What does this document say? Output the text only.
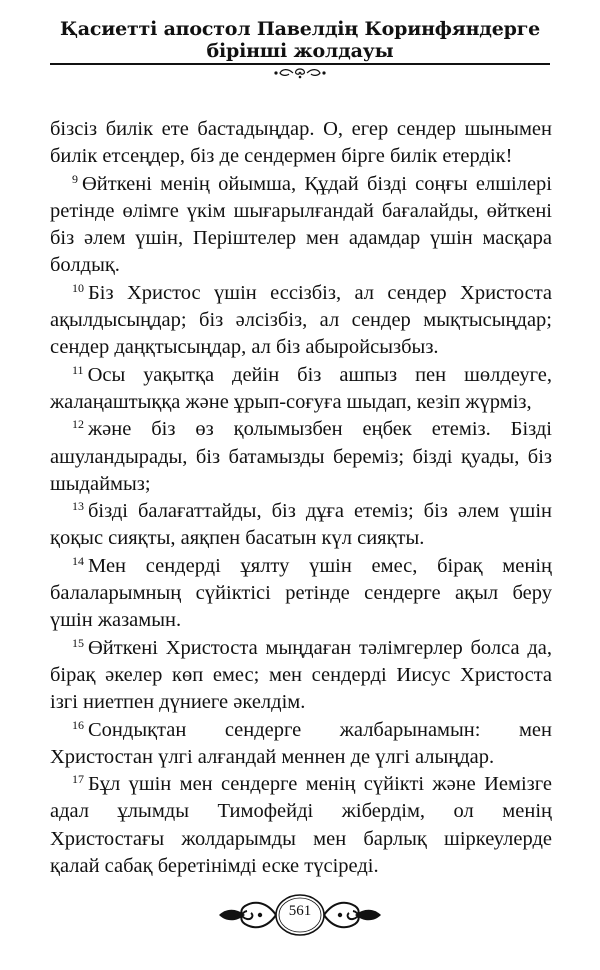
Қасиетті апостол Павелдің Коринфяндерге
бірінші жолдауы

бізсіз билік ете бастадыңдар. О, егер сендер шынымен билік етсеңдер, біз де сендермен бірге билік етердік!

$^9$ Өйткені менің ойымша, Құдай бізді соңғы елшілері ретінде өлімге үкім шығарылғандай бағалайды, өйткені біз әлем үшін, Періштелер мен адамдар үшін масқара болдық.

$^{10}$ Біз Христос үшін ессізбіз, ал сендер Христоста ақылдысыңдар; біз әлсізбіз, ал сендер мықтысыңдар; сендер даңқтысыңдар, ал біз абыройсызбыз.

$^{11}$ Осы уақытқа дейін біз ашпыз пен шөлдеуге, жалаңаштыққа және ұрып-соғуға шыдап, кезіп жүрміз,

$^{12}$ және біз өз қолымызбен еңбек етеміз. Бізді ашуландырады, біз батамызды береміз; бізді қуады, біз шыдаймыз;

$^{13}$ бізді балағаттайды, біз дұға етеміз; біз әлем үшін қоқыс сияқты, аяқпен басатын күл сияқты.

$^{14}$ Мен сендерді ұялту үшін емес, бірақ менің балаларымның сүйіктісі ретінде сендерге ақыл беру үшін жазамын.

$^{15}$ Өйткені Христоста мыңдаған тәлімгерлер болса да, бірақ әкелер көп емес; мен сендерді Иисус Христоста ізгі ниетпен дүниеге әкелдім.

$^{16}$ Сондықтан сендерге жалбарынамын: мен Христостан үлгі алғандай меннен де үлгі алыңдар.

$^{17}$ Бұл үшін мен сендерге менің сүйікті және Иемізге адал ұлымды Тимофейді жібердім, ол менің Христостағы жолдарымды мен барлық шіркеулерде қалай сабақ беретінімді еске түсіреді.

561
